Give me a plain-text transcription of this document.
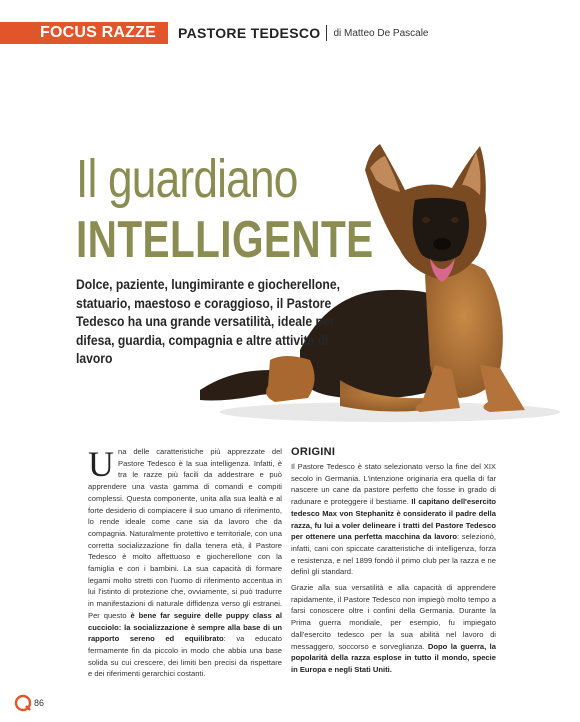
FOCUS RAZZE	PASTORE TEDESCO di Matteo De Pascale
Il guardiano
INTELLIGENTE

Dolce, paziente, lungimirante e giocherellone, statuario, maestoso e coraggioso, il Pastore Tedesco ha una grande versatilità, ideale per difesa, guardia, compagnia e altre attività di lavoro

U na delle caratteristiche più apprezzate del Pastore Tedesco è la sua intelligenza. Infatti, è tra le razze più facili da addestrare e può apprendere una vasta gamma di comandi e compiti complessi. Questa componente, unita alla sua lealtà e al forte desiderio di compiacere il suo umano di riferimento, lo rende ideale come cane sia da lavoro che da compagnia. Naturalmente protettivo e territoriale, con una corretta socializzazione fin dalla tenera età, il Pastore Tedesco è molto affettuoso e giocherellone con la famiglia e con i bambini. La sua capacità di formare legami molto stretti con l'uomo di riferimento accentua in lui l'istinto di protezione che, ovviamente, si può tradurre in manifestazioni di naturale diffidenza verso gli estranei. Per questo è bene far seguire delle puppy class al cucciolo: la socializzazione è sempre alla base di un rapporto sereno ed equilibrato: va educato fermamente fin da piccolo in modo che abbia una base solida su cui crescere, dei limiti ben precisi da rispettare e dei riferimenti gerarchici costanti.

ORIGINI

Il Pastore Tedesco è stato selezionato verso la fine del XIX secolo in Germania. L'intenzione originaria era quella di far nascere un cane da pastore perfetto che fosse in grado di radunare e proteggere il bestiame. Il capitano dell'esercito tedesco Max von Stephanitz è considerato il padre della razza, fu lui a voler delineare i tratti del Pastore Tedesco per ottenere una perfetta macchina da lavoro: selezionò, infatti, cani con spiccate caratteristiche di intelligenza, forza e resistenza, e nel 1899 fondò il primo club per la razza e ne definì gli standard.

Grazie alla sua versatilità e alla capacità di apprendere rapidamente, il Pastore Tedesco non impiegò molto tempo a farsi conoscere oltre i confini della Germania. Durante la Prima guerra mondiale, per esempio, fu impiegato dall'esercito tedesco per la sua abilità nel lavoro di messaggero, soccorso e sorveglianza. Dopo la guerra, la popolarità della razza esplose in tutto il mondo, specie in Europa e negli Stati Uniti.

86
